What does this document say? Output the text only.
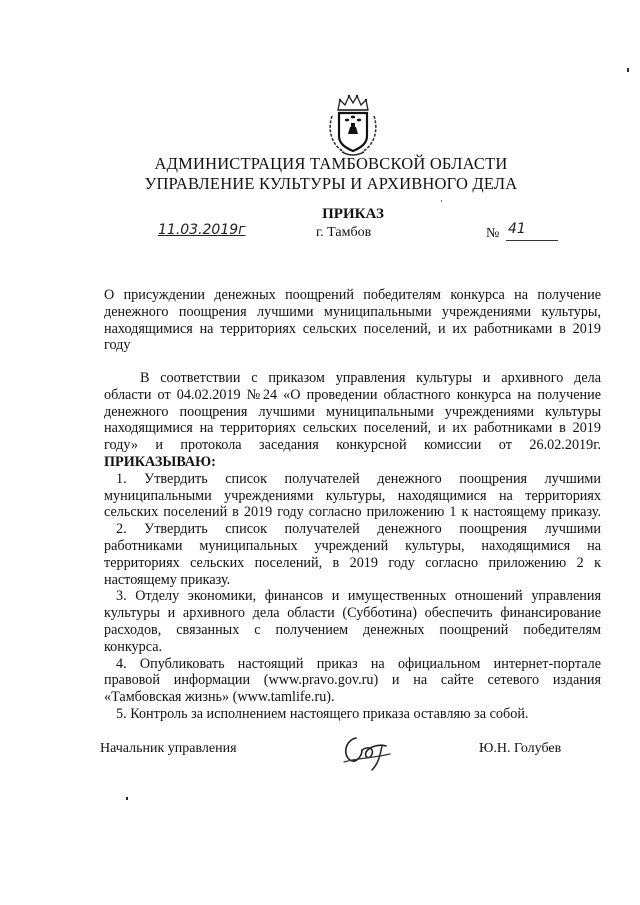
АДМИНИСТРАЦИЯ ТАМБОВСКОЙ ОБЛАСТИ
УПРАВЛЕНИЕ КУЛЬТУРЫ И АРХИВНОГО ДЕЛА
ПРИКАЗ
11.03.2019г	г. Тамбов	№ 41
О присуждении денежных поощрений победителям конкурса на получение
денежного поощрения лучшими муниципальными учреждениями культуры,
находящимися на территориях сельских поселений, и их работниками в 2019
году
В соответствии с приказом управления культуры и архивного дела
области от 04.02.2019 №24 «О проведении областного конкурса на получение
денежного поощрения лучшими муниципальными учреждениями культуры
находящимися на территориях сельских поселений, и их работниками в 2019
году» и протокола заседания конкурсной комиссии от 26.02.2019г.
ПРИКАЗЫВАЮ:
1. Утвердить список получателей денежного поощрения лучшими
муниципальными учреждениями культуры, находящимися на территориях
сельских поселений в 2019 году согласно приложению 1 к настоящему приказу.
2. Утвердить список получателей денежного поощрения лучшими
работниками муниципальных учреждений культуры, находящимися на
территориях сельских поселений, в 2019 году согласно приложению 2 к
настоящему приказу.
3. Отделу экономики, финансов и имущественных отношений управления
культуры и архивного дела области (Субботина) обеспечить финансирование
расходов, связанных с получением денежных поощрений победителям
конкурса.
4. Опубликовать настоящий приказ на официальном интернет-портале
правовой информации (www.pravo.gov.ru) и на сайте сетевого издания
«Тамбовская жизнь» (www.tamlife.ru).
5. Контроль за исполнением настоящего приказа оставляю за собой.
Начальник управления	Ю.Н. Голубев
